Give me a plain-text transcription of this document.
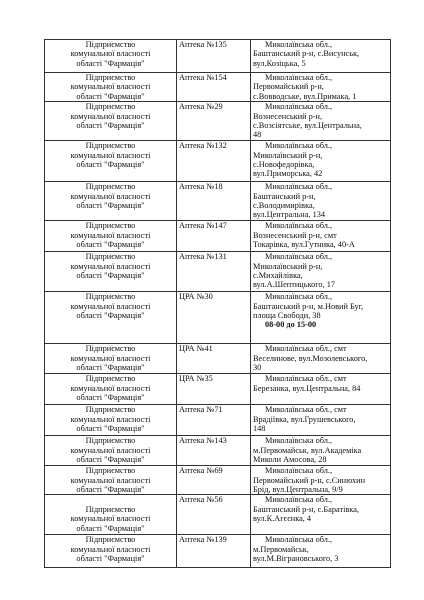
Підприємство
комунальної власності
області "Фармація"	Аптека №135	Миколаївська обл.,
Баштанський р-н, с.Висунськ,
вул.Козіцька, 5

Підприємство
комунальної власності
області "Фармація"	Аптека №154	Миколаївська обл.,
Первомайський р-н,
с.Вовводське, вул.Примака, 1

Підприємство
комунальної власності
області "Фармація"	Аптека №29	Миколаївська обл.,
Вознесенський р-н,
с.Возсіятське, вул.Центральна,
48

Підприємство
комунальної власності
області "Фармація"	Аптека №132	Миколаївська обл.,
Миколаївський р-н,
с.Новофедорівка,
вул.Приморська, 42

Підприємство
комунальної власності
області "Фармація"	Аптека №18	Миколаївська обл.,
Баштанський р-н,
с.Володимирівка,
вул.Центральна, 134

Підприємство
комунальної власності
області "Фармація"	Аптека №147	Миколаївська обл.,
Вознесенський р-н, смт
Токарівка, вул.Гутника, 40-А

Підприємство
комунальної власності
області "Фармація"	Аптека №131	Миколаївська обл.,
Миколаївський р-н,
с.Михайлівка,
вул.А.Шептицького, 17

Підприємство
комунальної власності
області "Фармація"	ЦРА №30	Миколаївська обл.,
Баштанський р-н, м.Новий Буг,
площа Свободи, 38
08-00 до 15-00

Підприємство
комунальної власності
області "Фармація"	ЦРА №41	Миколаївська обл., смт
Веселинове, вул.Мозолевського,
30

Підприємство
комунальної власності
області "Фармація"	ЦРА №35	Миколаївська обл., смт
Березанка, вул.Центральна, 84

Підприємство
комунальної власності
області "Фармація"	Аптека №71	Миколаївська обл., смт
Врадіївка, вул.Грушевського,
148

Підприємство
комунальної власності
області "Фармація"	Аптека №143	Миколаївська обл.,
м.Первомайськ, вул.Академіка
Миколи Амосова, 28

Підприємство
комунальної власності
області "Фармація"	Аптека №69	Миколаївська обл.,
Первомайський р-н, с.Синюхин
Брід, вул.Центральна, 9/9

Підприємство
комунальної власності
області "Фармація"	Аптека №56	Миколаївська обл.,
Баштанський р-н, с.Баратівка,
вул.К.Агєєнка, 4

Підприємство
комунальної власності
області "Фармація"	Аптека №139	Миколаївська обл.,
м.Первомайськ,
вул.М.Віграновського, 3
